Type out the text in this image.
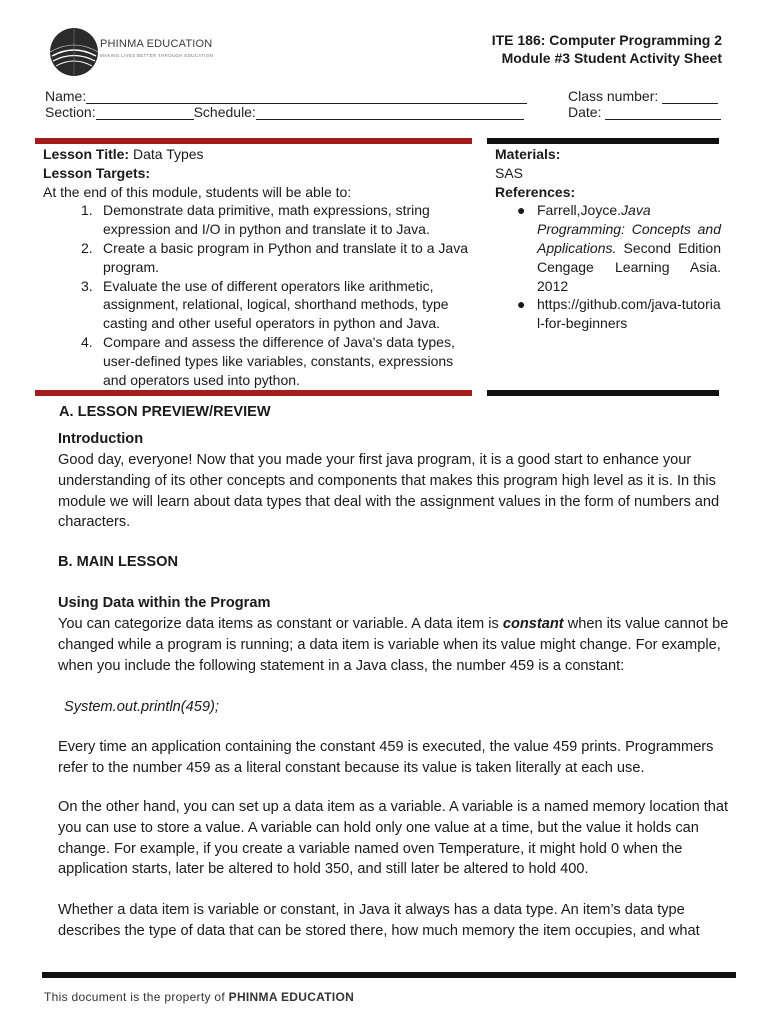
PHINMA EDUCATION
MAKING LIVES BETTER THROUGH EDUCATION
ITE 186: Computer Programming 2
Module #3 Student Activity Sheet
Name:
Section:	Schedule:
Class number:
Date:
Lesson Title: Data Types
Lesson Targets:
At the end of this module, students will be able to:
1. Demonstrate data primitive, math expressions, string expression and I/O in python and translate it to Java.
2. Create a basic program in Python and translate it to a Java program.
3. Evaluate the use of different operators like arithmetic, assignment, relational, logical, shorthand methods, type casting and other useful operators in python and Java.
4. Compare and assess the difference of Java's data types, user-defined types like variables, constants, expressions and operators used into python.
Materials:
SAS
References:
● Farrell,Joyce.Java Programming: Concepts and Applications. Second Edition Cengage Learning Asia. 2012
● https://github.com/java-tutorial-for-beginners
A. LESSON PREVIEW/REVIEW
Introduction
Good day, everyone! Now that you made your first java program, it is a good start to enhance your understanding of its other concepts and components that makes this program high level as it is. In this module we will learn about data types that deal with the assignment values in the form of numbers and characters.
B. MAIN LESSON
Using Data within the Program
You can categorize data items as constant or variable. A data item is constant when its value cannot be changed while a program is running; a data item is variable when its value might change. For example, when you include the following statement in a Java class, the number 459 is a constant:
System.out.println(459);
Every time an application containing the constant 459 is executed, the value 459 prints. Programmers refer to the number 459 as a literal constant because its value is taken literally at each use.
On the other hand, you can set up a data item as a variable. A variable is a named memory location that you can use to store a value. A variable can hold only one value at a time, but the value it holds can change. For example, if you create a variable named oven Temperature, it might hold 0 when the application starts, later be altered to hold 350, and still later be altered to hold 400.
Whether a data item is variable or constant, in Java it always has a data type. An item’s data type describes the type of data that can be stored there, how much memory the item occupies, and what
This document is the property of PHINMA EDUCATION
